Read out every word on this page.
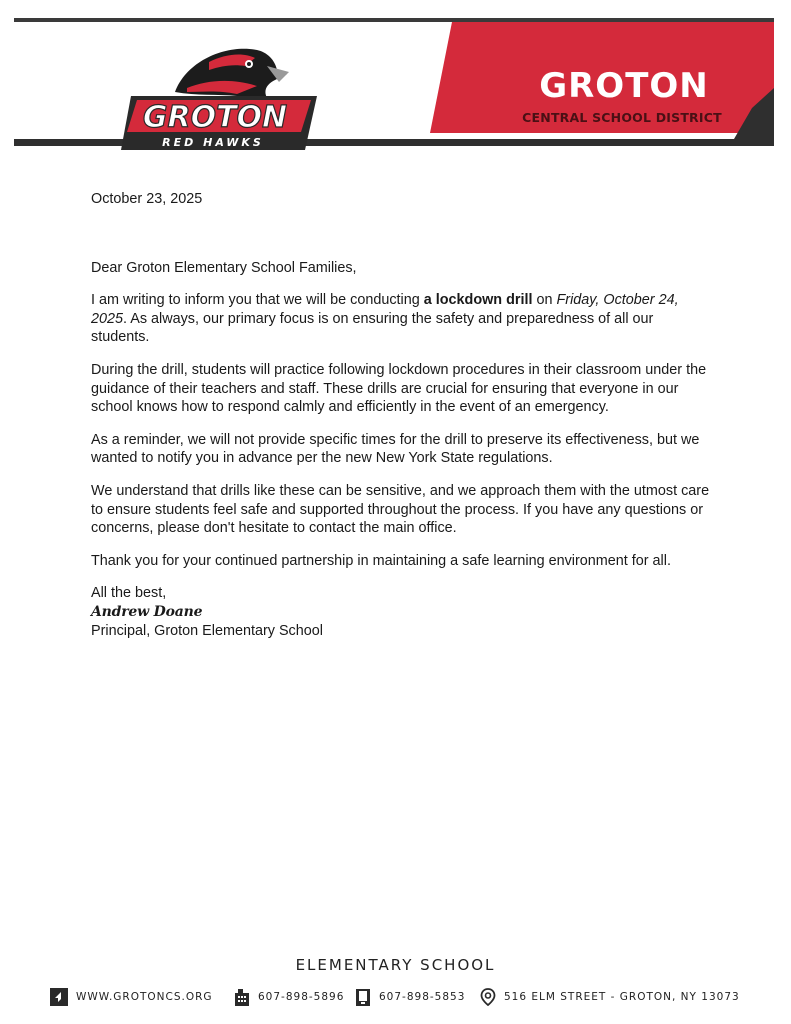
GROTON
RED HAWKS
GROTON
CENTRAL SCHOOL DISTRICT

October 23, 2025

Dear Groton Elementary School Families,

I am writing to inform you that we will be conducting a lockdown drill on Friday, October 24, 2025. As always, our primary focus is on ensuring the safety and preparedness of all our students.

During the drill, students will practice following lockdown procedures in their classroom under the guidance of their teachers and staff. These drills are crucial for ensuring that everyone in our school knows how to respond calmly and efficiently in the event of an emergency.

As a reminder, we will not provide specific times for the drill to preserve its effectiveness, but we wanted to notify you in advance per the new New York State regulations.

We understand that drills like these can be sensitive, and we approach them with the utmost care to ensure students feel safe and supported throughout the process. If you have any questions or concerns, please don't hesitate to contact the main office.

Thank you for your continued partnership in maintaining a safe learning environment for all.

All the best,

Andrew Doane

Principal, Groton Elementary School

ELEMENTARY SCHOOL
WWW.GROTONCS.ORG	607-898-5896	607-898-5853	516 ELM STREET - GROTON, NY 13073
